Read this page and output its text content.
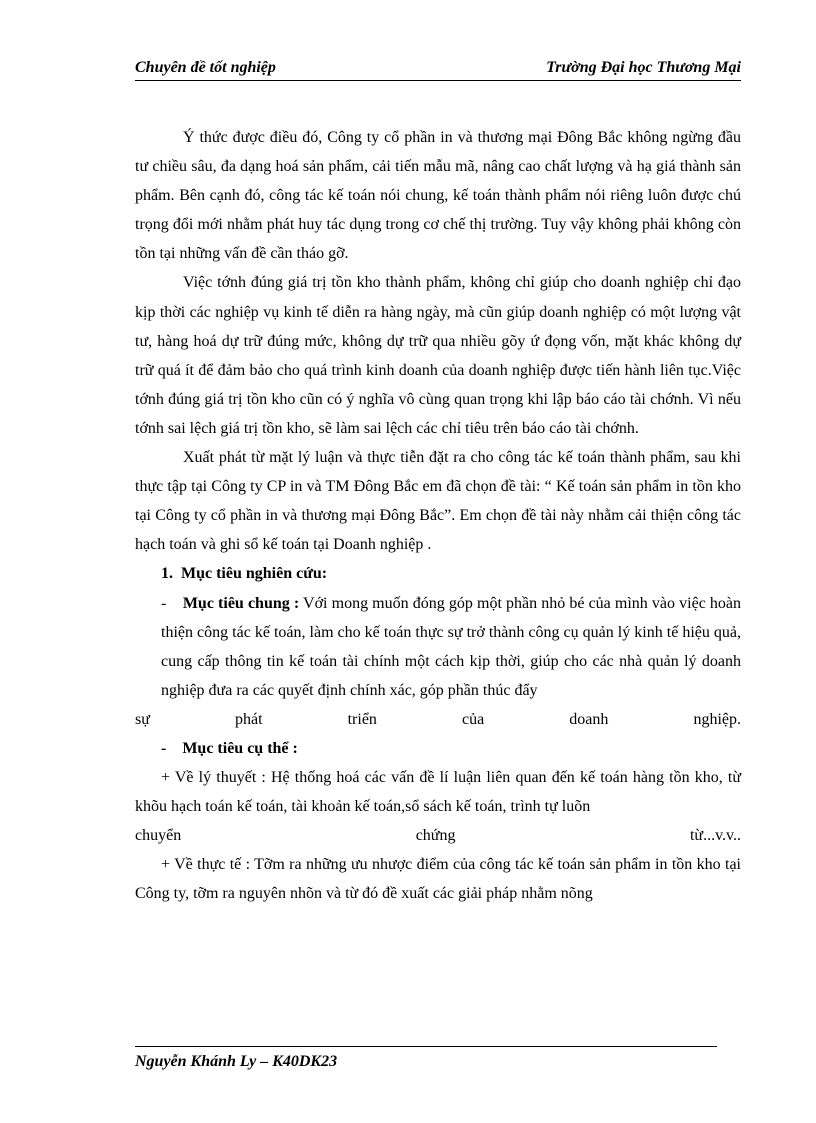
Chuyên đề tốt nghiệp	Trường Đại học Thương Mại

Ý thức được điều đó, Công ty cổ phần in và thương mại Đông Bắc không ngừng đầu tư chiều sâu, đa dạng hoá sản phẩm, cải tiến mẫu mã, nâng cao chất lượng và hạ giá thành sản phẩm. Bên cạnh đó, công tác kế toán nói chung, kế toán thành phẩm nói riêng luôn được chú trọng đổi mới nhằm phát huy tác dụng trong cơ chế thị trường. Tuy vậy không phải không còn tồn tại những vấn đề cần tháo gỡ.

Việc tớnh đúng giá trị tồn kho thành phẩm, không chỉ giúp cho doanh nghiệp chỉ đạo kịp thời các nghiệp vụ kinh tế diễn ra hàng ngày, mà cũn giúp doanh nghiệp có một lượng vật tư, hàng hoá dự trữ đúng mức, không dự trữ qua nhiều gõy ứ đọng vốn, mặt khác không dự trữ quá ít để đảm bảo cho quá trình kinh doanh của doanh nghiệp được tiến hành liên tục.Việc tớnh đúng giá trị tồn kho cũn có ý nghĩa vô cùng quan trọng khi lập báo cáo tài chớnh. Vì nếu tớnh sai lệch giá trị tồn kho, sẽ làm sai lệch các chỉ tiêu trên báo cáo tài chớnh.

Xuất phát từ mặt lý luận và thực tiễn đặt ra cho công tác kế toán thành phẩm, sau khi thực tập tại Công ty CP in và TM Đông Bắc em đã chọn đề tài: “ Kế toán sản phẩm in tồn kho tại Công ty cổ phần in và thương mại Đông Bắc”. Em chọn đề tài này nhằm cải thiện công tác hạch toán và ghi sổ kế toán tại Doanh nghiệp .

1. Mục tiêu nghiên cứu:

- Mục tiêu chung : Với mong muốn đóng góp một phần nhỏ bé của mình vào việc hoàn thiện công tác kế toán, làm cho kế toán thực sự trở thành công cụ quản lý kinh tế hiệu quả, cung cấp thông tin kế toán tài chính một cách kịp thời, giúp cho các nhà quản lý doanh nghiệp đưa ra các quyết định chính xác, góp phần thúc đẩy

sự phát triển của doanh nghiệp.

- Mục tiêu cụ thể :

+ Về lý thuyết : Hệ thống hoá các vấn đề lí luận liên quan đến kế toán hàng tồn kho, từ khõu hạch toán kế toán, tài khoản kế toán,sổ sách kế toán, trình tự luõn

chuyển chứng từ...v.v..

+ Về thực tế : Tỡm ra những ưu nhược điểm của công tác kế toán sản phẩm in tồn kho tại Công ty, tỡm ra nguyên nhõn và từ đó đề xuất các giải pháp nhằm nõng

Nguyễn Khánh Ly – K40DK23
